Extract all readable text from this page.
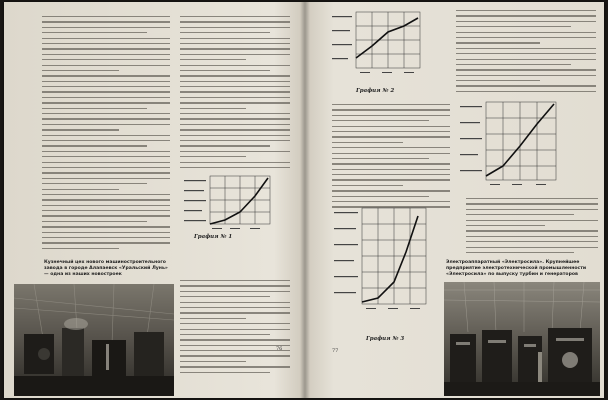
Графия № 1
Кузнечный цех нового машиностроительного завода в городе Алапаевск «Уральский Лунь» — одна из наших новостроек
76
Графия № 2
Графия № 3
Электроаппаратный «Электросила». Крупнейшее предприятие электротехнической промышленности «Электросила» по выпуску турбин и генераторов
77
